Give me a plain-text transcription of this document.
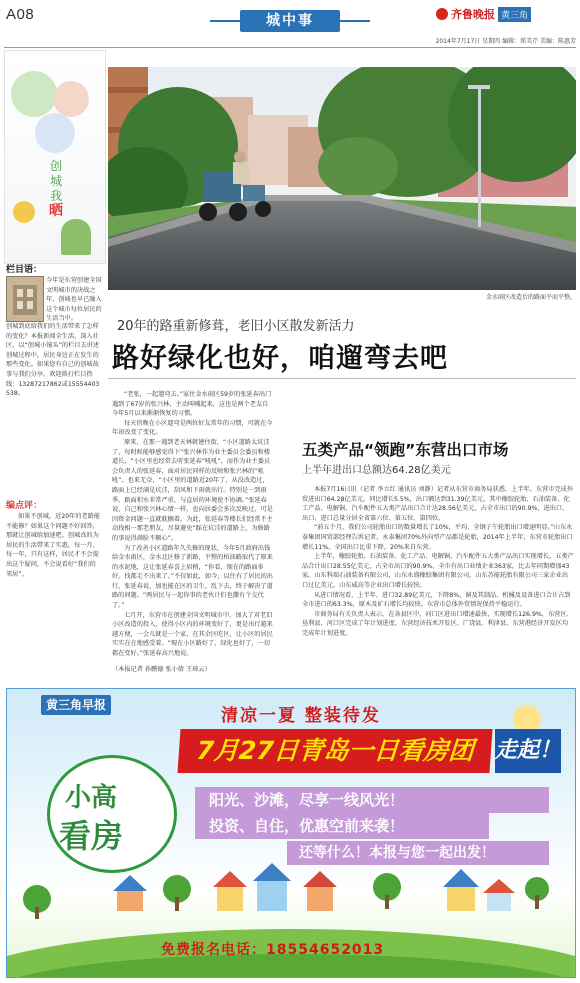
A08	城中事	齐鲁晚报 黄三角
2014年7月17日 星期四 编辑：郑美芹 美编：陈惠芳
创
城
我
晒
栏目语：
今年是东营创建全国文明城市的决战之年，创城也早已融入这个城市每位居民的生活当中。
创城到底给我们的生活带来了怎样的变化？本报新闻全生活、深入社区，以“创城小镜头”的栏目去讲述创城过程中，居民身边正在发生的那些变化。如果您有自己的创城故事与我们分享，欢迎拨打栏目热线：13287217862或15554403538。
编点评：
如果不创城，近20年的老路能不能修？如果这个问题不好回答，那就让创城给加速吧。创城真的为居民的生活带来了实惠，每一月、每一年，只有这样，居民才不会提出这个疑问，不会说看好“我们的邻居”。
金水雨区改造后的路面平而平整。
20年的路重新修葺，老旧小区散发新活力
路好绿化也好，咱遛弯去吧

“老张，一起遛弯去。”家住金水雨区59岁的张延春出门遇到了67岁的张兴林，主动叫喊起来，这也是两个老友自今年5月以来渐渐恢复的习惯。

每天傍晚在小区遛弯是两位好友常年的习惯，可就在今年却改变了变化。

原来，在那一遇到老天林就建住街，“小区道路太坑洼了，每时候能够感觉得下”张兴林作为业主委员会委员和楼道长，“小区里也经常去听张延春“吼吼”，而作为业主委员会负责人的张延春，面对居民同样的反映和张兴林的“吼吼”。也来无奈，“小区里的道路近20年了，从没改造过，路面上已经满是坑洼，刮风和下雨就出行。特别是一到雨季，路面积水非常严重，与直居的环境使不协调。”张延春说，自己和张兴林心情一样，也向居委会多次反映过，可是因资金问题一直就耽搁着。为此，张延春等楼长们经常不主动找相一那老朋友，尽量避免“踩在坑洼的道路上，为修路的事说得满脸不顺心”。

为了改善小区道路年久失修的现状，今年5月政府出钱给金水雨区，金水北区修了新路，平整的柏油路取代了原来的水泥地，这让张延春喜上眉梢，“你看，现在的路面多好，找都走不出来了。”不仅如此，如今，以往有了居民的出行，张延春说，加也能在区的卫生、乱下去，终于解决了道路的问题。“两居民与一起你事的老伙计们也撒有个交代了。”

七月开，东营市在创建全国文明城市中，加大了对老旧小区改造的投入，使得小区内的环境变好了，更是出行越来越方便，一会儿就是一个家，在其余区吃区，让小区的居民实实在在地感受着。“现在小区路好了，绿化也好了，一切都在变好。”张延春高兴地说。

（本报记者 孙鹏德 张小倩 王琦云）
五类产品“领跑”东营出口市场
上半年进出口总额达64.28亿美元

本报7月16日讯（记者 李立红 通讯员 刘静）记者从东营市商务局获悉，上半年，东营市完成外贸进出口64.28亿美元，同比增长5.5%，出口额达到31.39亿美元，其中橡胶轮胎、石油装备、化工产品、电解铜、汽车配件五大类产品出口合计达28.56亿美元，占全市出口的90.9%，进出口、出口、进口总量分居全省第六位、第五位、第四位。

“前五个月，我们公司轮胎出口的数量增长了10%，平均，全钢子午轮胎出口增速明显。”山东永泰集团国贸部经理告诉记者，永泰集团70%外向型产品都是轮胎，2014年上半年，东营市轮胎出口增长11%，全国出口比重下降，20%来自东营。

上半年，橡胶轮胎、石油装备、化工产品、电解铜、汽车配件五大类产品出口实现增长，五类产品合计出口28.55亿美元，占全市出口的90.9%，全市有出口业绩企业363家，比去年同期增加43家。山东科瑞石油装备有限公司，山东永盛橡胶集团有限公司，山东苏能轮胎有限公司三家企业出口过亿美元。山东威高等企业出口增长较快。

从进口情况看，上半年，进口32.89亿美元，下降8%，铜及其制品、机械及设备进口合计占到全市进口的63.3%，原木及矿石增长均较快。东营市总体外贸情况保持平稳运行。

市商务局有关负责人表示，在各县区中，河口区进出口增速最快，实现增长126.9%，东营区、垦利县、河口区完成了年计划进度，东营经济技术开发区、广饶县、利津县、东营港经济开发区均完成年计划进度。

黄三角早报
清凉一夏 整装待发
7月27日青岛一日看房团 走起！
小高
看房
阳光、沙滩，尽享一线风光！
投资、自住，优惠空前来袭！
还等什么！本报与您一起出发！
免费报名电话：18554652013
